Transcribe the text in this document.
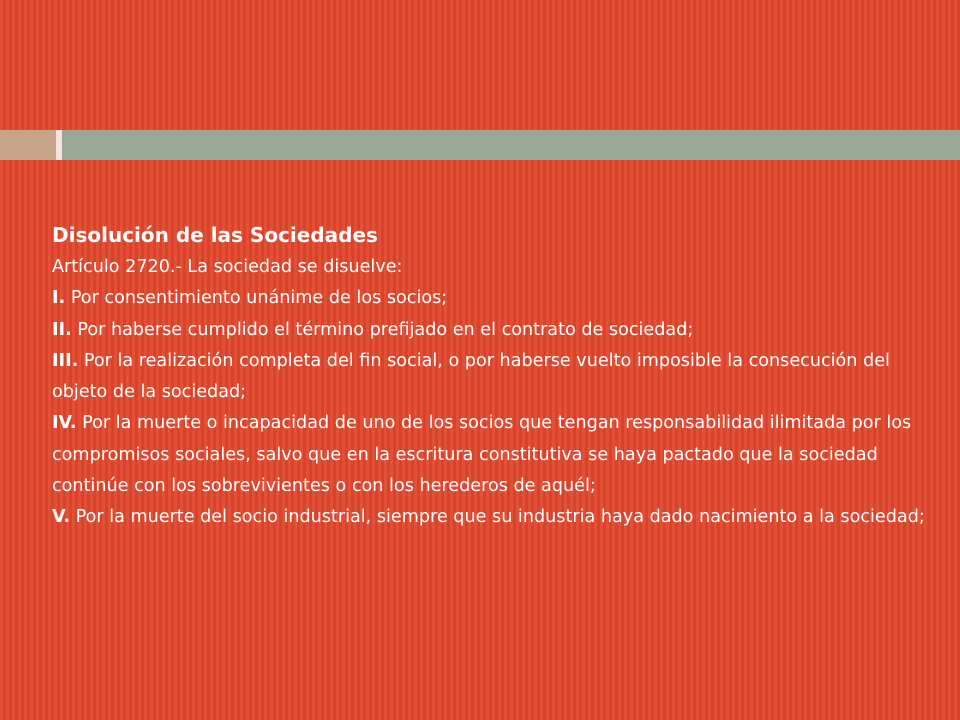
Disolución de las Sociedades

Artículo 2720.- La sociedad se disuelve:

I. Por consentimiento unánime de los socios;

II. Por haberse cumplido el término prefijado en el contrato de sociedad;

III. Por la realización completa del fin social, o por haberse vuelto imposible la consecución del objeto de la sociedad;

IV. Por la muerte o incapacidad de uno de los socios que tengan responsabilidad ilimitada por los compromisos sociales, salvo que en la escritura constitutiva se haya pactado que la sociedad continúe con los sobrevivientes o con los herederos de aquél;

V. Por la muerte del socio industrial, siempre que su industria haya dado nacimiento a la sociedad;
